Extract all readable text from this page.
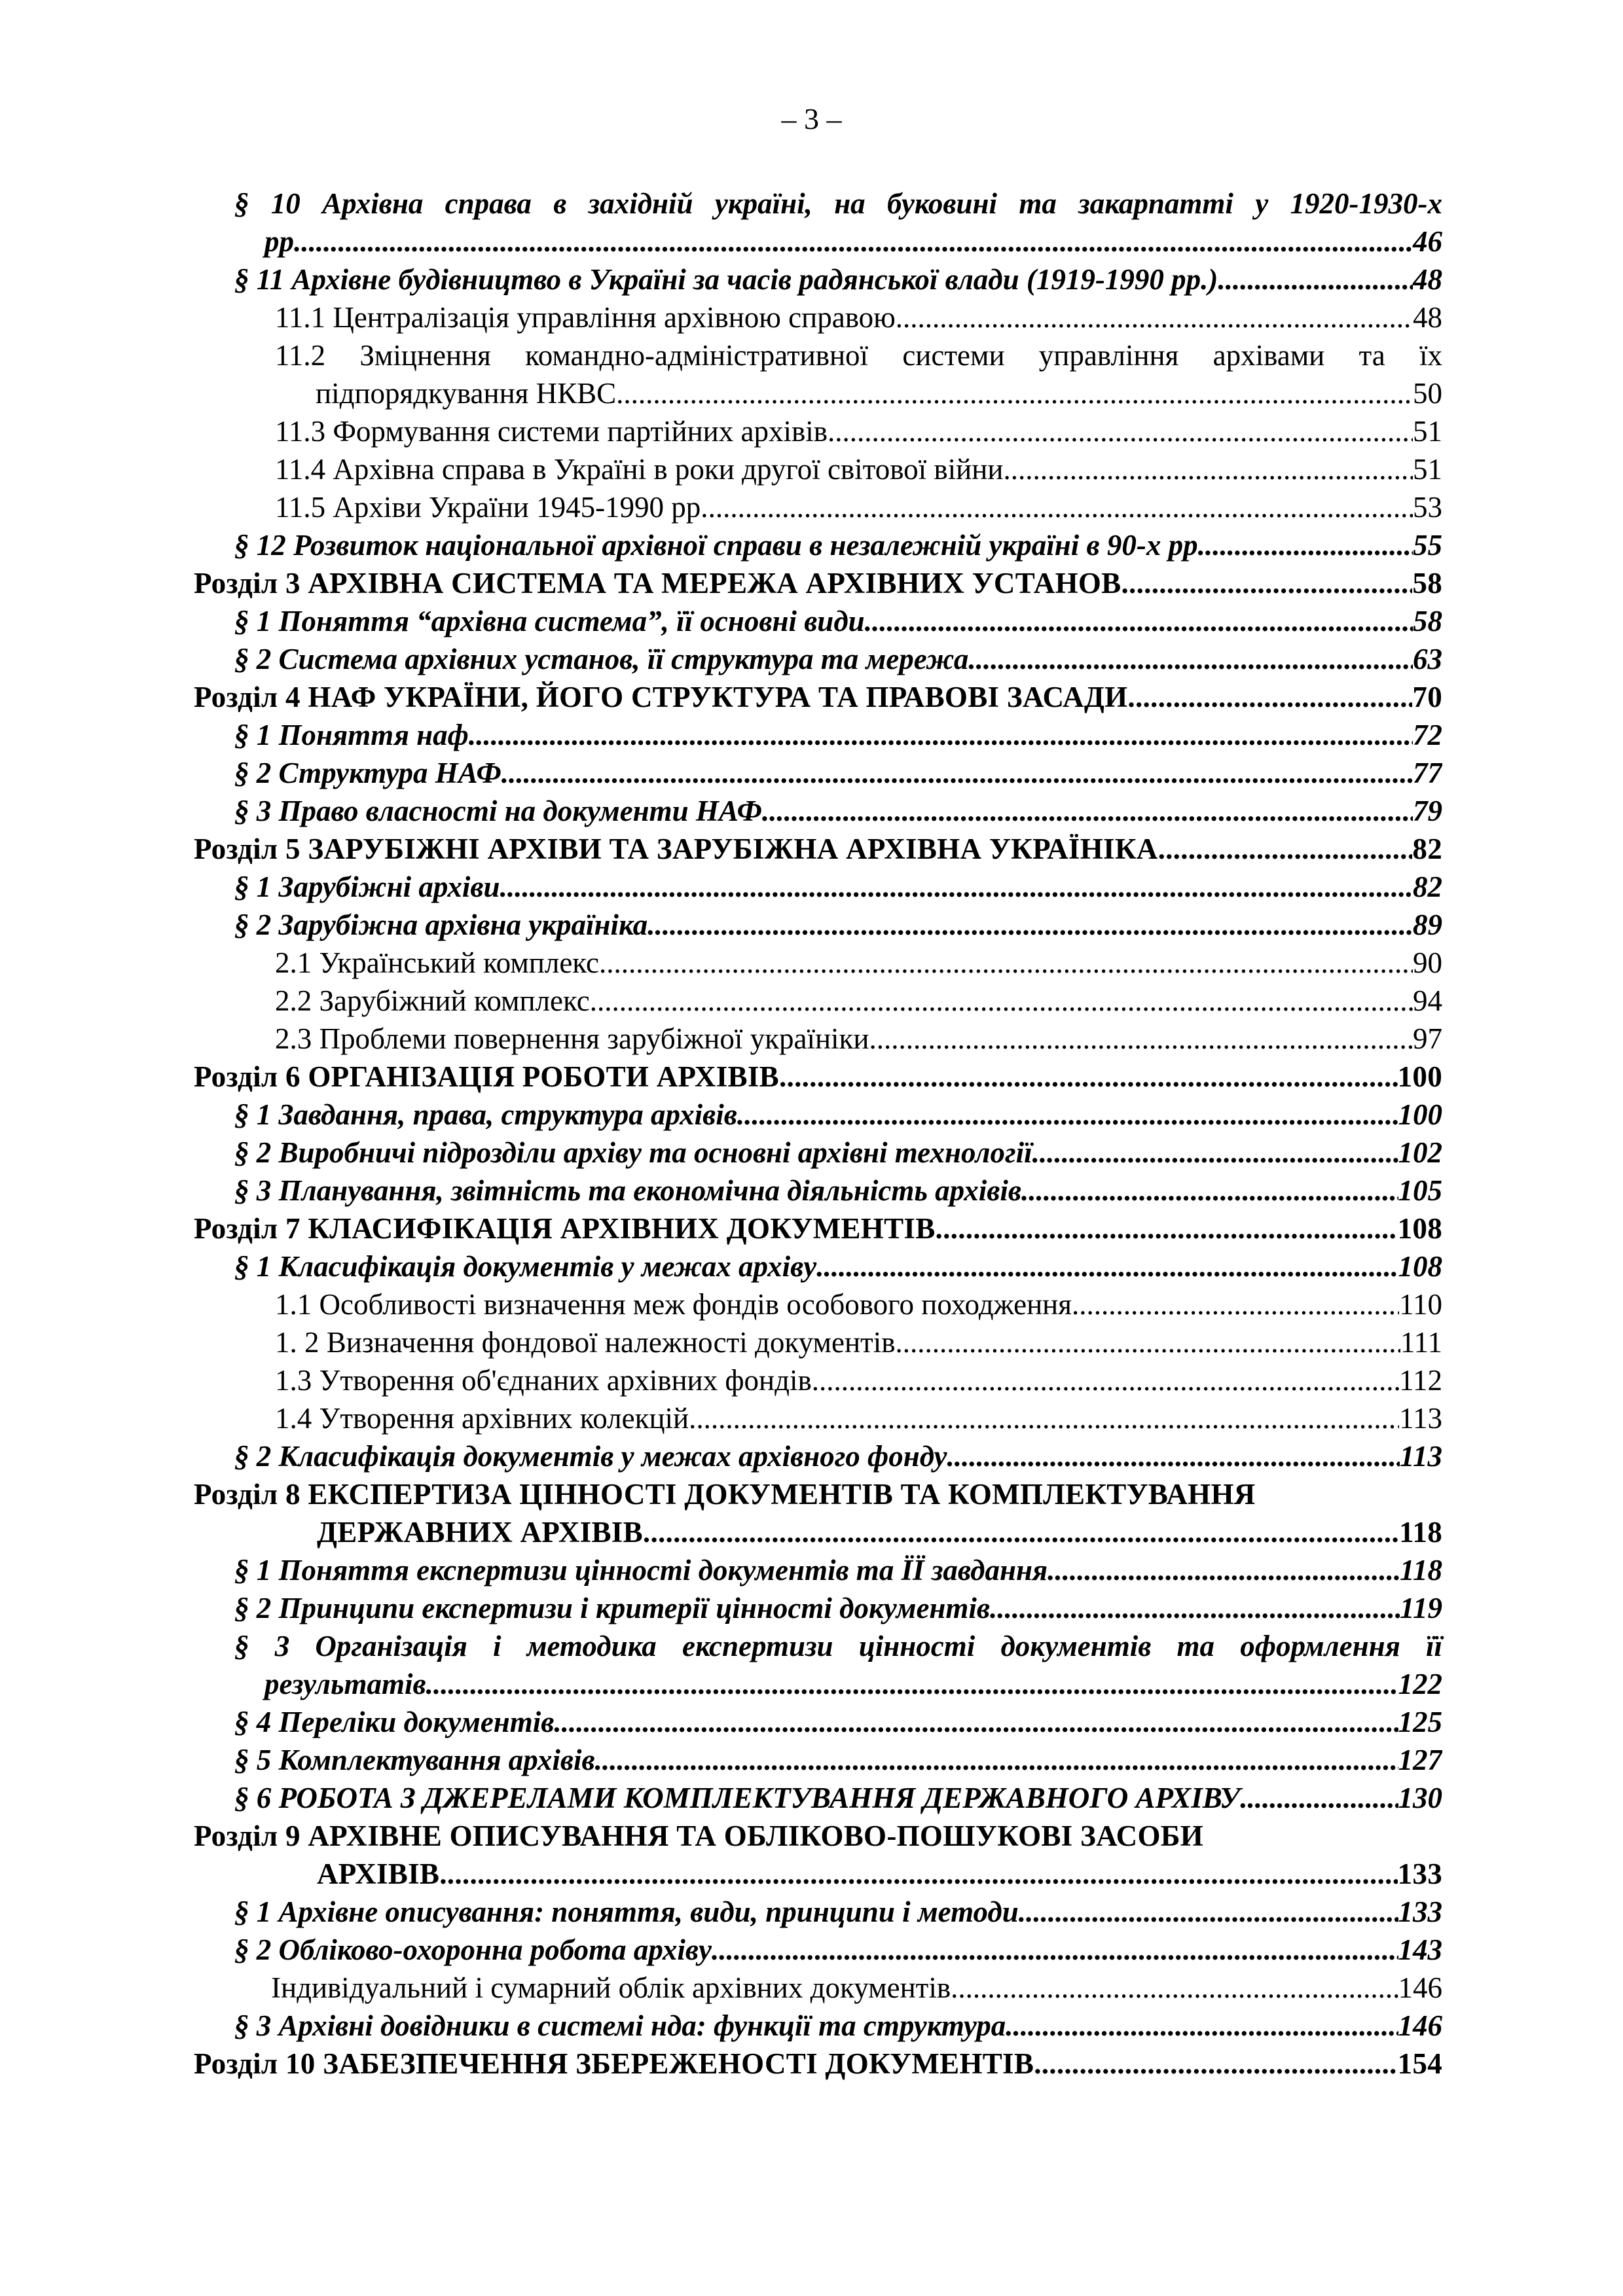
– 3 –
§ 10 Архівна справа в західній україні, на буковині та закарпатті у 1920-1930-х
рр. .....	46
§ 11 Архівне будівництво в Україні за часів радянської влади (1919-1990 рр.) .....	48
11.1 Централізація управління архівною справою .....	48
11.2 Зміцнення командно-адміністративної системи управління архівами та їх
підпорядкування НКВС .....	50
11.3 Формування системи партійних архівів .....	51
11.4 Архівна справа в Україні в роки другої світової війни .....	51
11.5 Архіви України 1945-1990 рр. .....	53
§ 12 Розвиток національної архівної справи в незалежній україні в 90-х рр. .....	55
Розділ 3 АРХІВНА СИСТЕМА ТА МЕРЕЖА АРХІВНИХ УСТАНОВ .....	58
§ 1 Поняття “архівна система”, її основні види .....	58
§ 2 Система архівних установ, її структура та мережа .....	63
Розділ 4 НАФ УКРАЇНИ, ЙОГО СТРУКТУРА ТА ПРАВОВІ ЗАСАДИ .....	70
§ 1 Поняття наф .....	72
§ 2 Структура НАФ .....	77
§ 3 Право власності на документи НАФ .....	79
Розділ 5 ЗАРУБІЖНІ АРХІВИ ТА ЗАРУБІЖНА АРХІВНА УКРАЇНІКА .....	82
§ 1 Зарубіжні архіви .....	82
§ 2 Зарубіжна архівна україніка .....	89
2.1 Український комплекс .....	90
2.2 Зарубіжний комплекс .....	94
2.3 Проблеми повернення зарубіжної україніки .....	97
Розділ 6 ОРГАНІЗАЦІЯ РОБОТИ АРХІВІВ .....	100
§ 1 Завдання, права, структура архівів .....	100
§ 2 Виробничі підрозділи архіву та основні архівні технології .....	102
§ 3 Планування, звітність та економічна діяльність архівів .....	105
Розділ 7 КЛАСИФІКАЦІЯ АРХІВНИХ ДОКУМЕНТІВ .....	108
§ 1 Класифікація документів у межах архіву .....	108
1.1 Особливості визначення меж фондів особового походження .....	110
1. 2 Визначення фондової належності документів .....	111
1.3 Утворення об'єднаних архівних фондів .....	112
1.4 Утворення архівних колекцій .....	113
§ 2 Класифікація документів у межах архівного фонду .....	113
Розділ 8 ЕКСПЕРТИЗА ЦІННОСТІ ДОКУМЕНТІВ ТА КОМПЛЕКТУВАННЯ
ДЕРЖАВНИХ АРХІВІВ .....	118
§ 1 Поняття експертизи цінності документів та ЇЇ завдання .....	118
§ 2 Принципи експертизи і критерії цінності документів .....	119
§ 3 Організація і методика експертизи цінності документів та оформлення її
результатів .....	122
§ 4 Переліки документів .....	125
§ 5 Комплектування архівів .....	127
§ 6 РОБОТА З ДЖЕРЕЛАМИ КОМПЛЕКТУВАННЯ ДЕРЖАВНОГО АРХІВУ .....	130
Розділ 9 АРХІВНЕ ОПИСУВАННЯ ТА ОБЛІКОВО-ПОШУКОВІ ЗАСОБИ
АРХІВІВ .....	133
§ 1 Архівне описування: поняття, види, принципи і методи .....	133
§ 2 Обліково-охоронна робота архіву .....	143
Індивідуальний і сумарний облік архівних документів .....	146
§ 3 Архівні довідники в системі нда: функції та структура .....	146
Розділ 10 ЗАБЕЗПЕЧЕННЯ ЗБЕРЕЖЕНОСТІ ДОКУМЕНТІВ .....	154
